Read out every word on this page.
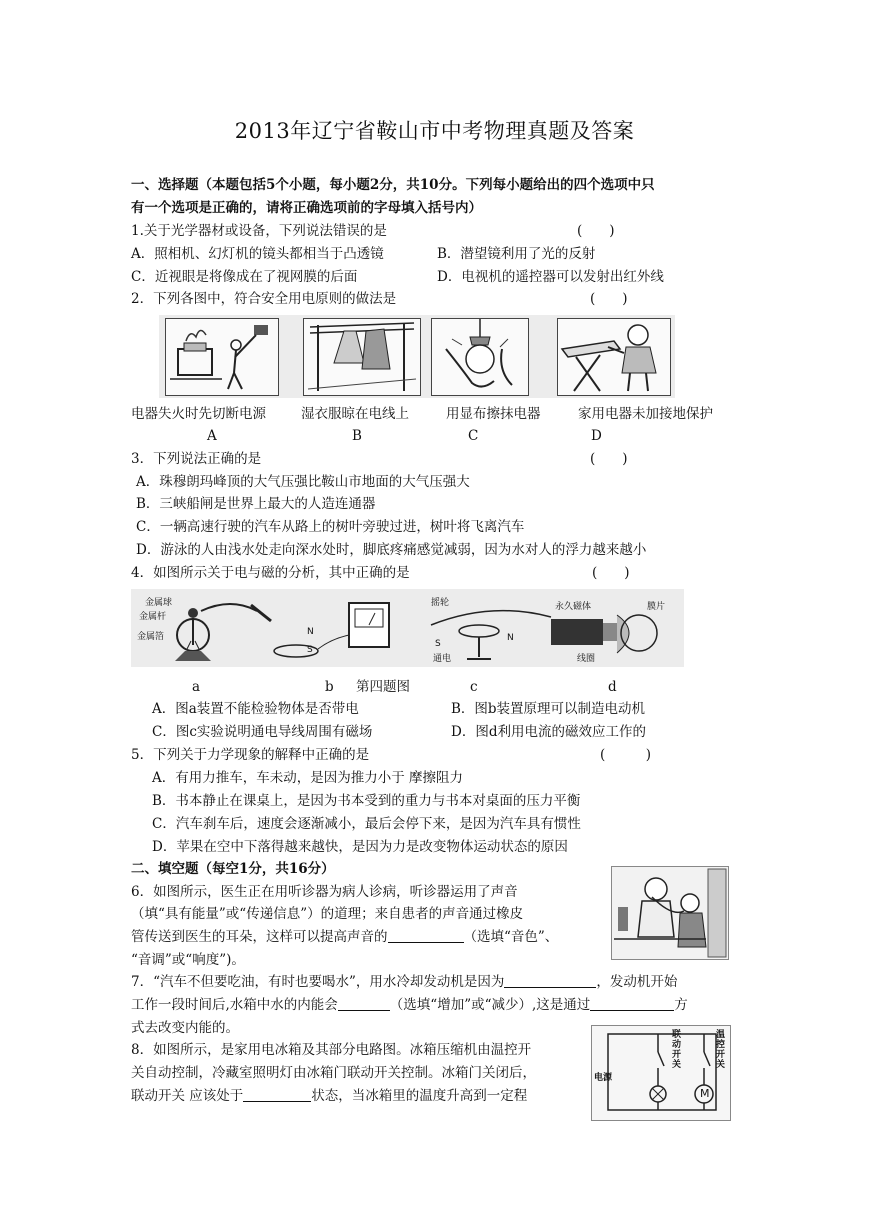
2013年辽宁省鞍山市中考物理真题及答案
一、选择题（本题包括5个小题，每小题2分，共10分。下列每小题给出的四个选项中只
有一个选项是正确的，请将正确选项前的字母填入括号内）
1.关于光学器材或设备，下列说法错误的是	(　　)
A．照相机、幻灯机的镜头都相当于凸透镜	B．潜望镜利用了光的反射
C．近视眼是将像成在了视网膜的后面	D．电视机的遥控器可以发射出红外线
2．下列各图中，符合安全用电原则的做法是	(　　)
电器失火时先切断电源	湿衣服晾在电线上	用显布擦抹电器	家用电器未加接地保护
A	B	C	D
3．下列说法正确的是	(　　)
A．珠穆朗玛峰顶的大气压强比鞍山市地面的大气压强大
B．三峡船闸是世界上最大的人造连通器
C．一辆高速行驶的汽车从路上的树叶旁驶过进，树叶将飞离汽车
D．游泳的人由浅水处走向深水处时，脚底疼痛感觉减弱，因为水对人的浮力越来越小
4．如图所示关于电与磁的分析，其中正确的是	(　　)
金属球
金属杆
金属箔	N
S
摇轮
N
S
通电
永久磁体	膜片
线圈
a	b 第四题图	c	d
A．图a装置不能检验物体是否带电	B．图b装置原理可以制造电动机
C．图c实验说明通电导线周围有磁场	D．图d利用电流的磁效应工作的
5．下列关于力学现象的解释中正确的是	(　　　)
A．有用力推车，车未动，是因为推力小于 摩擦阻力
B．书本静止在课桌上，是因为书本受到的重力与书本对桌面的压力平衡
C．汽车刹车后，速度会逐渐减小，最后会停下来，是因为汽车具有惯性
D．苹果在空中下落得越来越快，是因为力是改变物体运动状态的原因
二、填空题（每空1分，共16分）
6．如图所示，医生正在用听诊器为病人诊病，听诊器运用了声音
（填“具有能量”或“传递信息”）的道理；来自患者的声音通过橡皮
管传送到医生的耳朵，这样可以提高声音的	（选填“音色”、
“音调”或“响度”)。
7．“汽车不但要吃油，有时也要喝水”，用水冷却发动机是因为	，发动机开始
工作一段时间后,水箱中水的内能会	（选填“增加”或“减少）,这是通过	方
式去改变内能的。
电源
联动开关
温控开关
M
8．如图所示，是家用电冰箱及其部分电路图。冰箱压缩机由温控开
关自动控制，冷藏室照明灯由冰箱门联动开关控制。冰箱门关闭后，
联动开关 应该处于	状态，当冰箱里的温度升高到一定程
